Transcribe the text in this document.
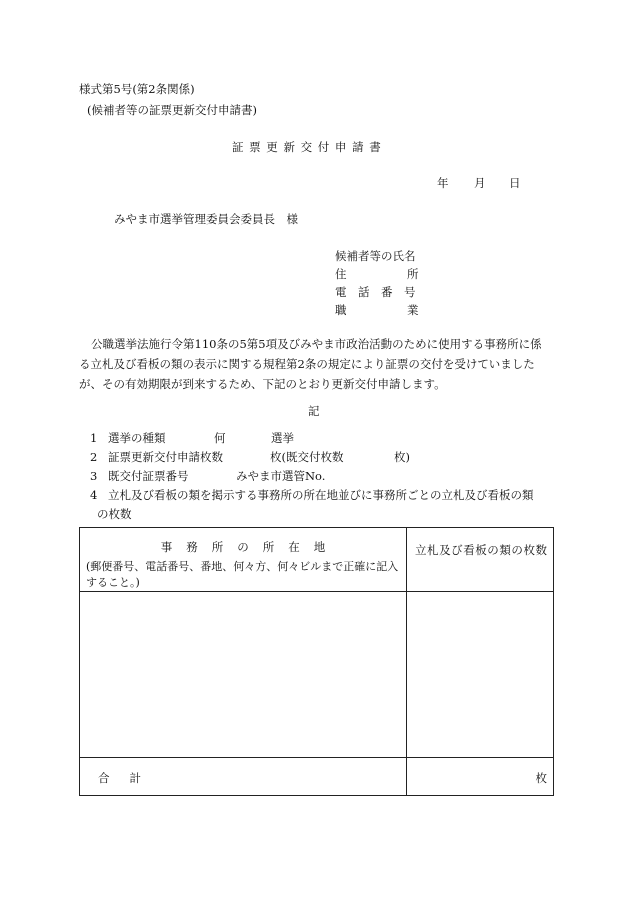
様式第5号(第2条関係)
(候補者等の証票更新交付申請書)
証 票 更 新 交 付 申 請 書
年 月 日
みやま市選挙管理委員会委員長　様
候補者等の氏名
住	所
電　話　番　号
職	業
公職選挙法施行令第110条の5第5項及びみやま市政治活動のために使用する事務所に係る立札及び看板の類の表示に関する規程第2条の規定により証票の交付を受けていましたが、その有効期限が到来するため、下記のとおり更新交付申請します。
記
1 選挙の種類	何	選挙
2 証票更新交付申請枚数	枚(既交付枚数	枚)
3 既交付証票番号	みやま市選管No.
4 立札及び看板の類を掲示する事務所の所在地並びに事務所ごとの立札及び看板の類
の枚数
事務所の所在地
(郵便番号、電話番号、番地、何々方、何々ビルまで正確に記入すること。)	立札及び看板の類の枚数

合計	枚
